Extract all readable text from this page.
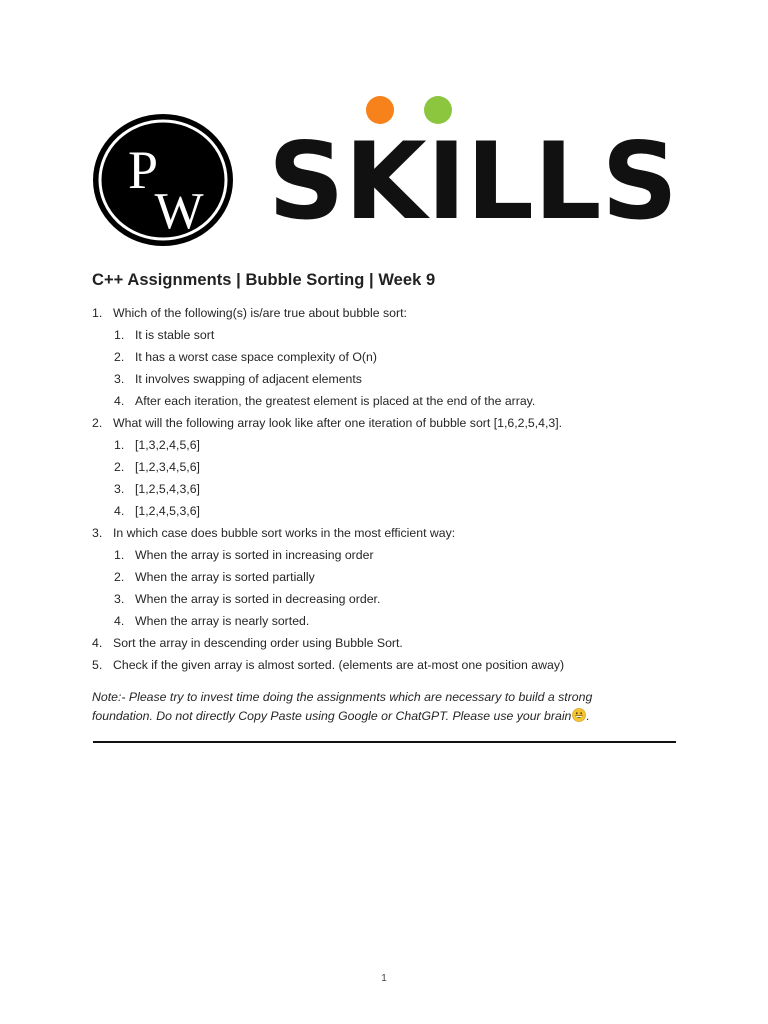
P
W SKILLS
C++ Assignments | Bubble Sorting | Week 9
1. Which of the following(s) is/are true about bubble sort:
1. It is stable sort
2. It has a worst case space complexity of O(n)
3. It involves swapping of adjacent elements
4. After each iteration, the greatest element is placed at the end of the array.
2. What will the following array look like after one iteration of bubble sort [1,6,2,5,4,3].
1. [1,3,2,4,5,6]
2. [1,2,3,4,5,6]
3. [1,2,5,4,3,6]
4. [1,2,4,5,3,6]
3. In which case does bubble sort works in the most efficient way:
1. When the array is sorted in increasing order
2. When the array is sorted partially
3. When the array is sorted in decreasing order.
4. When the array is nearly sorted.
4. Sort the array in descending order using Bubble Sort.
5. Check if the given array is almost sorted. (elements are at-most one position away)
Note:- Please try to invest time doing the assignments which are necessary to build a strong
foundation. Do not directly Copy Paste using Google or ChatGPT. Please use your brain .
1
